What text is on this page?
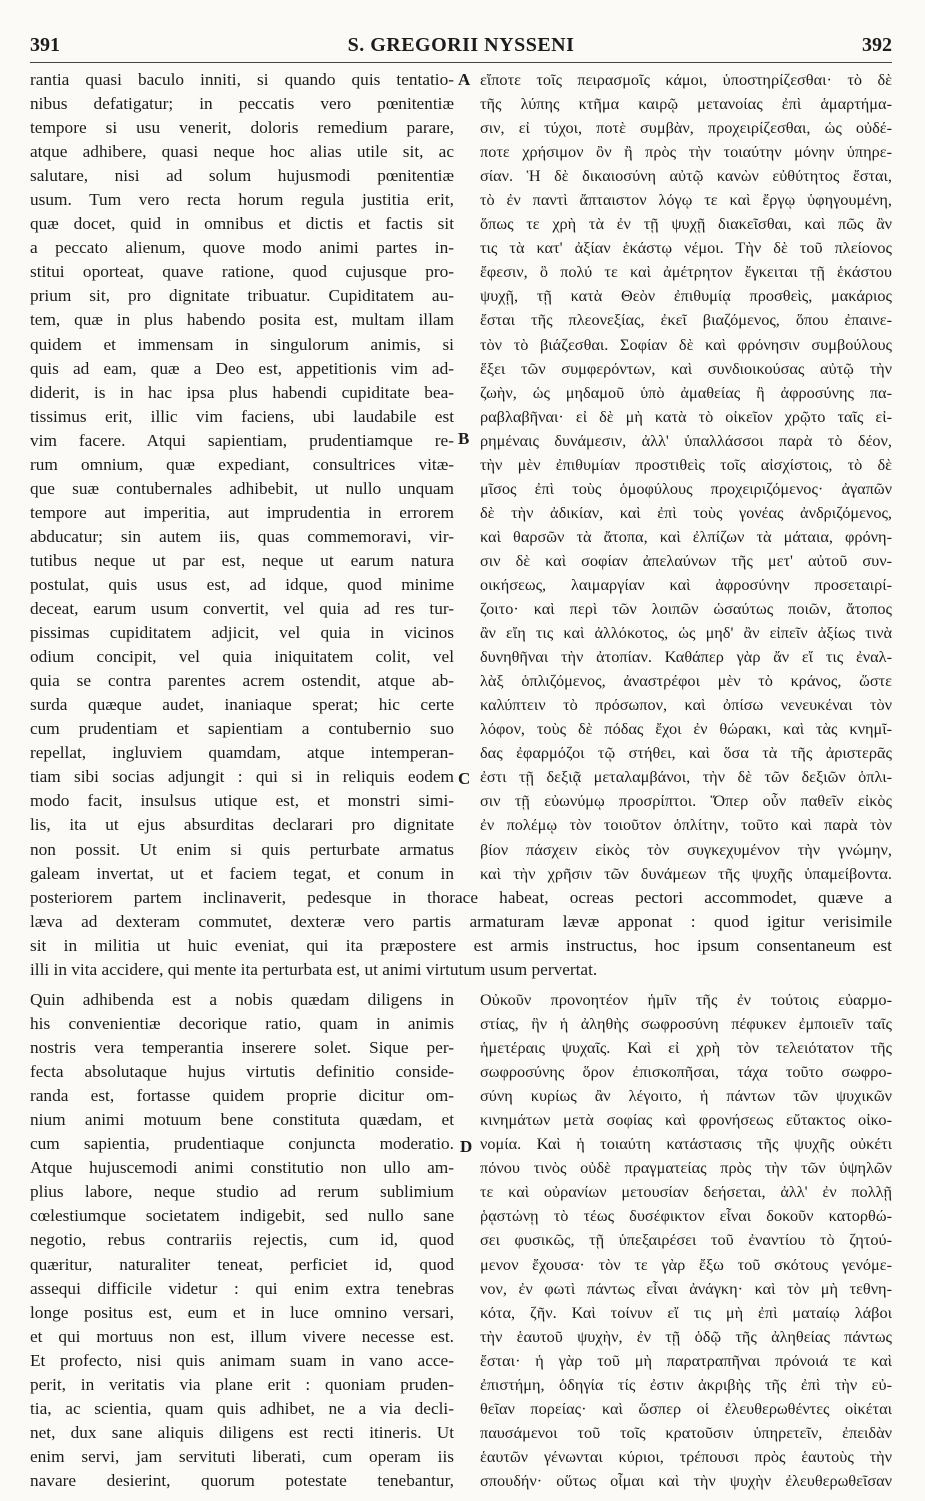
391	S. GREGORII NYSSENI	392
rantia quasi baculo inniti, si quando quis tentatio-
nibus defatigatur; in peccatis vero pœnitentiæ
tempore si usu venerit, doloris remedium parare,
atque adhibere, quasi neque hoc alias utile sit, ac
salutare, nisi ad solum hujusmodi pœnitentiæ
usum. Tum vero recta horum regula justitia erit,
quæ docet, quid in omnibus et dictis et factis sit
a peccato alienum, quove modo animi partes in-
stitui oporteat, quave ratione, quod cujusque pro-
prium sit, pro dignitate tribuatur. Cupiditatem au-
tem, quæ in plus habendo posita est, multam illam
quidem et immensam in singulorum animis, si
quis ad eam, quæ a Deo est, appetitionis vim ad-
diderit, is in hac ipsa plus habendi cupiditate bea-
tissimus erit, illic vim faciens, ubi laudabile est
vim facere. Atqui sapientiam, prudentiamque re-
rum omnium, quæ expediant, consultrices vitæ-
que suæ contubernales adhibebit, ut nullo unquam
tempore aut imperitia, aut imprudentia in errorem
abducatur; sin autem iis, quas commemoravi, vir-
tutibus neque ut par est, neque ut earum natura
postulat, quis usus est, ad idque, quod minime
deceat, earum usum convertit, vel quia ad res tur-
pissimas cupiditatem adjicit, vel quia in vicinos
odium concipit, vel quia iniquitatem colit, vel
quia se contra parentes acrem ostendit, atque ab-
surda quæque audet, inaniaque sperat; hic certe
cum prudentiam et sapientiam a contubernio suo
repellat, ingluviem quamdam, atque intemperan-
tiam sibi socias adjungit : qui si in reliquis eodem
modo facit, insulsus utique est, et monstri simi-
lis, ita ut ejus absurditas declarari pro dignitate
non possit. Ut enim si quis perturbate armatus
galeam invertat, ut et faciem tegat, et conum in
εἴποτε τοῖς πειρασμοῖς κάμοι, ὑποστηρίζεσθαι· τὸ δὲ
τῆς λύπης κτῆμα καιρῷ μετανοίας ἐπὶ ἁμαρτήμα-
σιν, εἰ τύχοι, ποτὲ συμβὰν, προχειρίζεσθαι, ὡς οὐδέ-
ποτε χρήσιμον ὂν ἢ πρὸς τὴν τοιαύτην μόνην ὑπηρε-
σίαν. Ἡ δὲ δικαιοσύνη αὐτῷ κανὼν εὐθύτητος ἔσται,
τὸ ἐν παντὶ ἄπταιστον λόγῳ τε καὶ ἔργῳ ὑφηγουμένη,
ὅπως τε χρὴ τὰ ἐν τῇ ψυχῇ διακεῖσθαι, καὶ πῶς ἂν
τις τὰ κατ' ἀξίαν ἑκάστῳ νέμοι. Τὴν δὲ τοῦ πλείονος
ἔφεσιν, ὃ πολύ τε καὶ ἀμέτρητον ἔγκειται τῇ ἑκάστου
ψυχῇ, τῇ κατὰ Θεὸν ἐπιθυμίᾳ προσθεὶς, μακάριος
ἔσται τῆς πλεονεξίας, ἐκεῖ βιαζόμενος, ὅπου ἐπαινε-
τὸν τὸ βιάζεσθαι. Σοφίαν δὲ καὶ φρόνησιν συμβούλους
ἕξει τῶν συμφερόντων, καὶ συνδιοικούσας αὐτῷ τὴν
ζωὴν, ὡς μηδαμοῦ ὑπὸ ἀμαθείας ἢ ἀφροσύνης πα-
ραβλαβῆναι· εἰ δὲ μὴ κατὰ τὸ οἰκεῖον χρῷτο ταῖς εἰ-
ρημέναις δυνάμεσιν, ἀλλ' ὑπαλλάσσοι παρὰ τὸ δέον,
τὴν μὲν ἐπιθυμίαν προστιθεὶς τοῖς αἰσχίστοις, τὸ δὲ
μῖσος ἐπὶ τοὺς ὁμοφύλους προχειριζόμενος· ἀγαπῶν
δὲ τὴν ἀδικίαν, καὶ ἐπὶ τοὺς γονέας ἀνδριζόμενος,
καὶ θαρσῶν τὰ ἄτοπα, καὶ ἐλπίζων τὰ μάταια, φρόνη-
σιν δὲ καὶ σοφίαν ἀπελαύνων τῆς μετ' αὐτοῦ συν-
οικήσεως, λαιμαργίαν καὶ ἀφροσύνην προσεταιρί-
ζοιτο· καὶ περὶ τῶν λοιπῶν ὡσαύτως ποιῶν, ἄτοπος
ἂν εἴη τις καὶ ἀλλόκοτος, ὡς μηδ' ἂν εἰπεῖν ἀξίως τινὰ
δυνηθῆναι τὴν ἀτοπίαν. Καθάπερ γὰρ ἄν εἴ τις ἐναλ-
λὰξ ὁπλιζόμενος, ἀναστρέφοι μὲν τὸ κράνος, ὥστε
καλύπτειν τὸ πρόσωπον, καὶ ὀπίσω νενευκέναι τὸν
λόφον, τοὺς δὲ πόδας ἔχοι ἐν θώρακι, καὶ τὰς κνημῖ-
δας ἐφαρμόζοι τῷ στήθει, καὶ ὅσα τὰ τῆς ἀριστερᾶς
ἐστι τῇ δεξιᾷ μεταλαμβάνοι, τὴν δὲ τῶν δεξιῶν ὁπλι-
σιν τῇ εὐωνύμῳ προσρίπτοι. Ὅπερ οὖν παθεῖν εἰκὸς
ἐν πολέμῳ τὸν τοιοῦτον ὁπλίτην, τοῦτο καὶ παρὰ τὸν
βίον πάσχειν εἰκὸς τὸν συγκεχυμένον τὴν γνώμην,
καὶ τὴν χρῆσιν τῶν δυνάμεων τῆς ψυχῆς ὑπαμείβοντα.
posteriorem partem inclinaverit, pedesque in thorace habeat, ocreas pectori accommodet, quæve a
læva ad dexteram commutet, dexteræ vero partis armaturam lævæ apponat : quod igitur verisimile
sit in militia ut huic eveniat, qui ita præpostere est armis instructus, hoc ipsum consentaneum est
illi in vita accidere, qui mente ita perturbata est, ut animi virtutum usum pervertat.
Quin adhibenda est a nobis quædam diligens in
his convenientiæ decorique ratio, quam in animis
nostris vera temperantia inserere solet. Sique per-
fecta absolutaque hujus virtutis definitio conside-
randa est, fortasse quidem proprie dicitur om-
nium animi motuum bene constituta quædam, et
cum sapientia, prudentiaque conjuncta moderatio.
Atque hujuscemodi animi constitutio non ullo am-
plius labore, neque studio ad rerum sublimium
cœlestiumque societatem indigebit, sed nullo sane
negotio, rebus contrariis rejectis, cum id, quod
quæritur, naturaliter teneat, perficiet id, quod
assequi difficile videtur : qui enim extra tenebras
longe positus est, eum et in luce omnino versari,
et qui mortuus non est, illum vivere necesse est.
Et profecto, nisi quis animam suam in vano acce-
perit, in veritatis via plane erit : quoniam pruden-
tia, ac scientia, quam quis adhibet, ne a via decli-
net, dux sane aliquis diligens est recti itineris. Ut
enim servi, jam servituti liberati, cum operam iis
navare desierint, quorum potestate tenebantur,
Οὐκοῦν προνοητέον ἡμῖν τῆς ἐν τούτοις εὐαρμο-
στίας, ἣν ἡ ἀληθὴς σωφροσύνη πέφυκεν ἐμποιεῖν ταῖς
ἡμετέραις ψυχαῖς. Καὶ εἰ χρὴ τὸν τελειότατον τῆς
σωφροσύνης ὅρον ἐπισκοπῆσαι, τάχα τοῦτο σωφρο-
σύνη κυρίως ἂν λέγοιτο, ἡ πάντων τῶν ψυχικῶν
κινημάτων μετὰ σοφίας καὶ φρονήσεως εὔτακτος οἰκο-
νομία. Καὶ ἡ τοιαύτη κατάστασις τῆς ψυχῆς οὐκέτι
πόνου τινὸς οὐδὲ πραγματείας πρὸς τὴν τῶν ὑψηλῶν
τε καὶ οὐρανίων μετουσίαν δεήσεται, ἀλλ' ἐν πολλῇ
ῥᾳστώνῃ τὸ τέως δυσέφικτον εἶναι δοκοῦν κατορθώ-
σει φυσικῶς, τῇ ὑπεξαιρέσει τοῦ ἐναντίου τὸ ζητού-
μενον ἔχουσα· τὸν τε γὰρ ἔξω τοῦ σκότους γενόμε-
νον, ἐν φωτὶ πάντως εἶναι ἀνάγκη· καὶ τὸν μὴ τεθνη-
κότα, ζῆν. Καὶ τοίνυν εἴ τις μὴ ἐπὶ ματαίῳ λάβοι
τὴν ἑαυτοῦ ψυχὴν, ἐν τῇ ὁδῷ τῆς ἀληθείας πάντως
ἔσται· ἡ γὰρ τοῦ μὴ παρατραπῆναι πρόνοιά τε καὶ
ἐπιστήμη, ὁδηγία τίς ἐστιν ἀκριβὴς τῆς ἐπὶ τὴν εὐ-
θεῖαν πορείας· καὶ ὥσπερ οἱ ἐλευθερωθέντες οἰκέται
παυσάμενοι τοῦ τοῖς κρατοῦσιν ὑπηρετεῖν, ἐπειδὰν
ἑαυτῶν γένωνται κύριοι, τρέπουσι πρὸς ἑαυτοὺς τὴν
σπουδήν· οὕτως οἶμαι καὶ τὴν ψυχὴν ἐλευθερωθεῖσαν
A
B
C
D
